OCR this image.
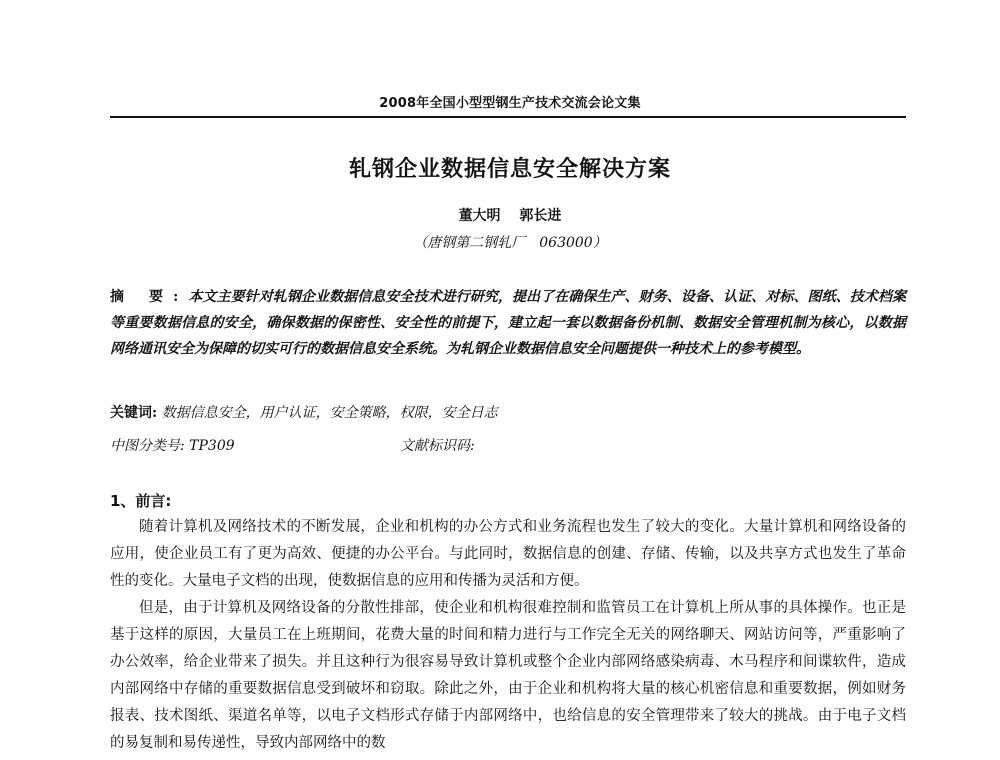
2008年全国小型型钢生产技术交流会论文集
轧钢企业数据信息安全解决方案
董大明 郭长进
（唐钢第二钢轧厂　063000）

摘 要:本文主要针对轧钢企业数据信息安全技术进行研究，提出了在确保生产、财务、设备、认证、对标、图纸、技术档案等重要数据信息的安全，确保数据的保密性、安全性的前提下，建立起一套以数据备份机制、数据安全管理机制为核心，以数据网络通讯安全为保障的切实可行的数据信息安全系统。为轧钢企业数据信息安全问题提供一种技术上的参考模型。

关键词: 数据信息安全，用户认证，安全策略，权限，安全日志
中图分类号: TP309	文献标识码:
1、前言:

随着计算机及网络技术的不断发展，企业和机构的办公方式和业务流程也发生了较大的变化。大量计算机和网络设备的应用，使企业员工有了更为高效、便捷的办公平台。与此同时，数据信息的创建、存储、传输，以及共享方式也发生了革命性的变化。大量电子文档的出现，使数据信息的应用和传播为灵活和方便。

但是，由于计算机及网络设备的分散性排部，使企业和机构很难控制和监管员工在计算机上所从事的具体操作。也正是基于这样的原因，大量员工在上班期间，花费大量的时间和精力进行与工作完全无关的网络聊天、网站访问等，严重影响了办公效率，给企业带来了损失。并且这种行为很容易导致计算机或整个企业内部网络感染病毒、木马程序和间谍软件，造成内部网络中存储的重要数据信息受到破坏和窃取。除此之外，由于企业和机构将大量的核心机密信息和重要数据，例如财务报表、技术图纸、渠道名单等，以电子文档形式存储于内部网络中，也给信息的安全管理带来了较大的挑战。由于电子文档的易复制和易传递性，导致内部网络中的数
